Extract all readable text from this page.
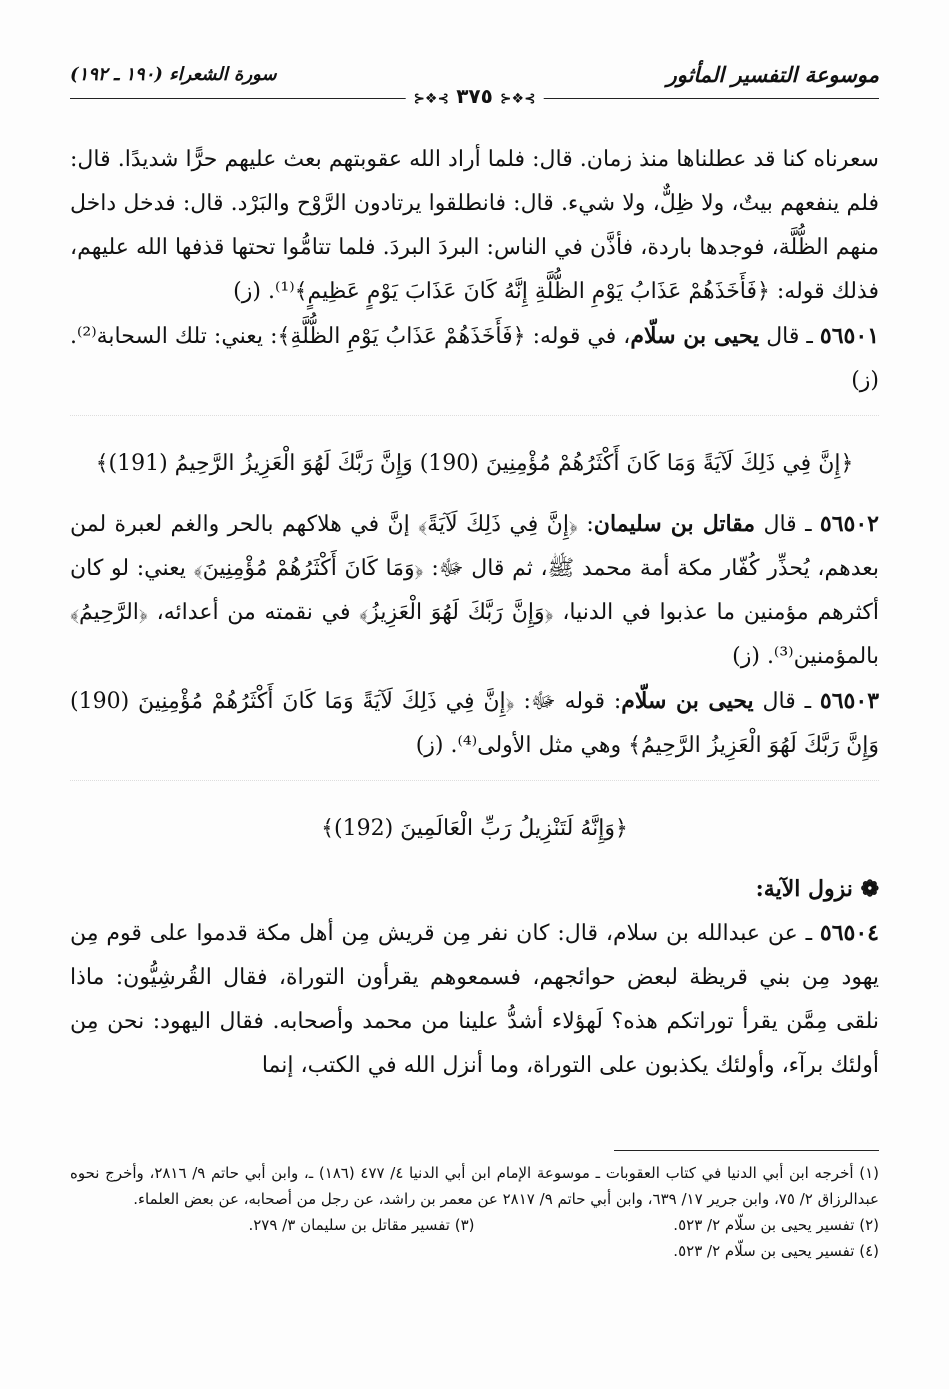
موسوعة التفسير المأثور
سورة الشعراء (١٩٠ ـ ١٩٢)
⊱❖⊰ ٣٧٥ ⊱❖⊰

سعرناه كنا قد عطلناها منذ زمان. قال: فلما أراد الله عقوبتهم بعث عليهم حرًّا شديدًا. قال: فلم ينفعهم بيتٌ، ولا ظِلٌّ، ولا شيء. قال: فانطلقوا يرتادون الرَّوْح والبَرْد. قال: فدخل داخل منهم الظُّلَّة، فوجدها باردة، فأذَّن في الناس: البردَ البردَ. فلما تتامُّوا تحتها قذفها الله عليهم، فذلك قوله: ﴿فَأَخَذَهُمْ عَذَابُ يَوْمِ الظُّلَّةِ إِنَّهُ كَانَ عَذَابَ يَوْمٍ عَظِيمٍ﴾⁽¹⁾. (ز)

٥٦٥٠١ ـ قال يحيى بن سلّام، في قوله: ﴿فَأَخَذَهُمْ عَذَابُ يَوْمِ الظُّلَّةِ﴾: يعني: تلك السحابة⁽²⁾. (ز)

﴿إِنَّ فِي ذَلِكَ لَآيَةً وَمَا كَانَ أَكْثَرُهُمْ مُؤْمِنِينَ (190) وَإِنَّ رَبَّكَ لَهُوَ الْعَزِيزُ الرَّحِيمُ (191)﴾

٥٦٥٠٢ ـ قال مقاتل بن سليمان: ﴿إِنَّ فِي ذَلِكَ لَآيَةً﴾ إنَّ في هلاكهم بالحر والغم لعبرة لمن بعدهم، يُحذِّر كُفّار مكة أمة محمد ﷺ، ثم قال ﷻ: ﴿وَمَا كَانَ أَكْثَرُهُمْ مُؤْمِنِينَ﴾ يعني: لو كان أكثرهم مؤمنين ما عذبوا في الدنيا، ﴿وَإِنَّ رَبَّكَ لَهُوَ الْعَزِيزُ﴾ في نقمته من أعدائه، ﴿الرَّحِيمُ﴾ بالمؤمنين⁽³⁾. (ز)

٥٦٥٠٣ ـ قال يحيى بن سلّام: قوله ﷻ: ﴿إِنَّ فِي ذَلِكَ لَآيَةً وَمَا كَانَ أَكْثَرُهُمْ مُؤْمِنِينَ (190) وَإِنَّ رَبَّكَ لَهُوَ الْعَزِيزُ الرَّحِيمُ﴾ وهي مثل الأولى⁽⁴⁾. (ز)

﴿وَإِنَّهُ لَتَنْزِيلُ رَبِّ الْعَالَمِينَ (192)﴾
❁ نزول الآية:

٥٦٥٠٤ ـ عن عبدالله بن سلام، قال: كان نفر مِن قريش مِن أهل مكة قدموا على قوم مِن يهود مِن بني قريظة لبعض حوائجهم، فسمعوهم يقرأون التوراة، فقال القُرشِيُّون: ماذا نلقى مِمَّن يقرأ توراتكم هذه؟ لَهؤلاء أشدُّ علينا من محمد وأصحابه. فقال اليهود: نحن مِن أولئك برآء، وأولئك يكذبون على التوراة، وما أنزل الله في الكتب، إنما

(١) أخرجه ابن أبي الدنيا في كتاب العقوبات ـ موسوعة الإمام ابن أبي الدنيا ٤/ ٤٧٧ (١٨٦) ـ، وابن أبي حاتم ٩/ ٢٨١٦، وأخرج نحوه عبدالرزاق ٢/ ٧٥، وابن جرير ١٧/ ٦٣٩، وابن أبي حاتم ٩/ ٢٨١٧ عن معمر بن راشد، عن رجل من أصحابه، عن بعض العلماء.

(٢) تفسير يحيى بن سلّام ٢/ ٥٢٣.
(٣) تفسير مقاتل بن سليمان ٣/ ٢٧٩.

(٤) تفسير يحيى بن سلّام ٢/ ٥٢٣.
